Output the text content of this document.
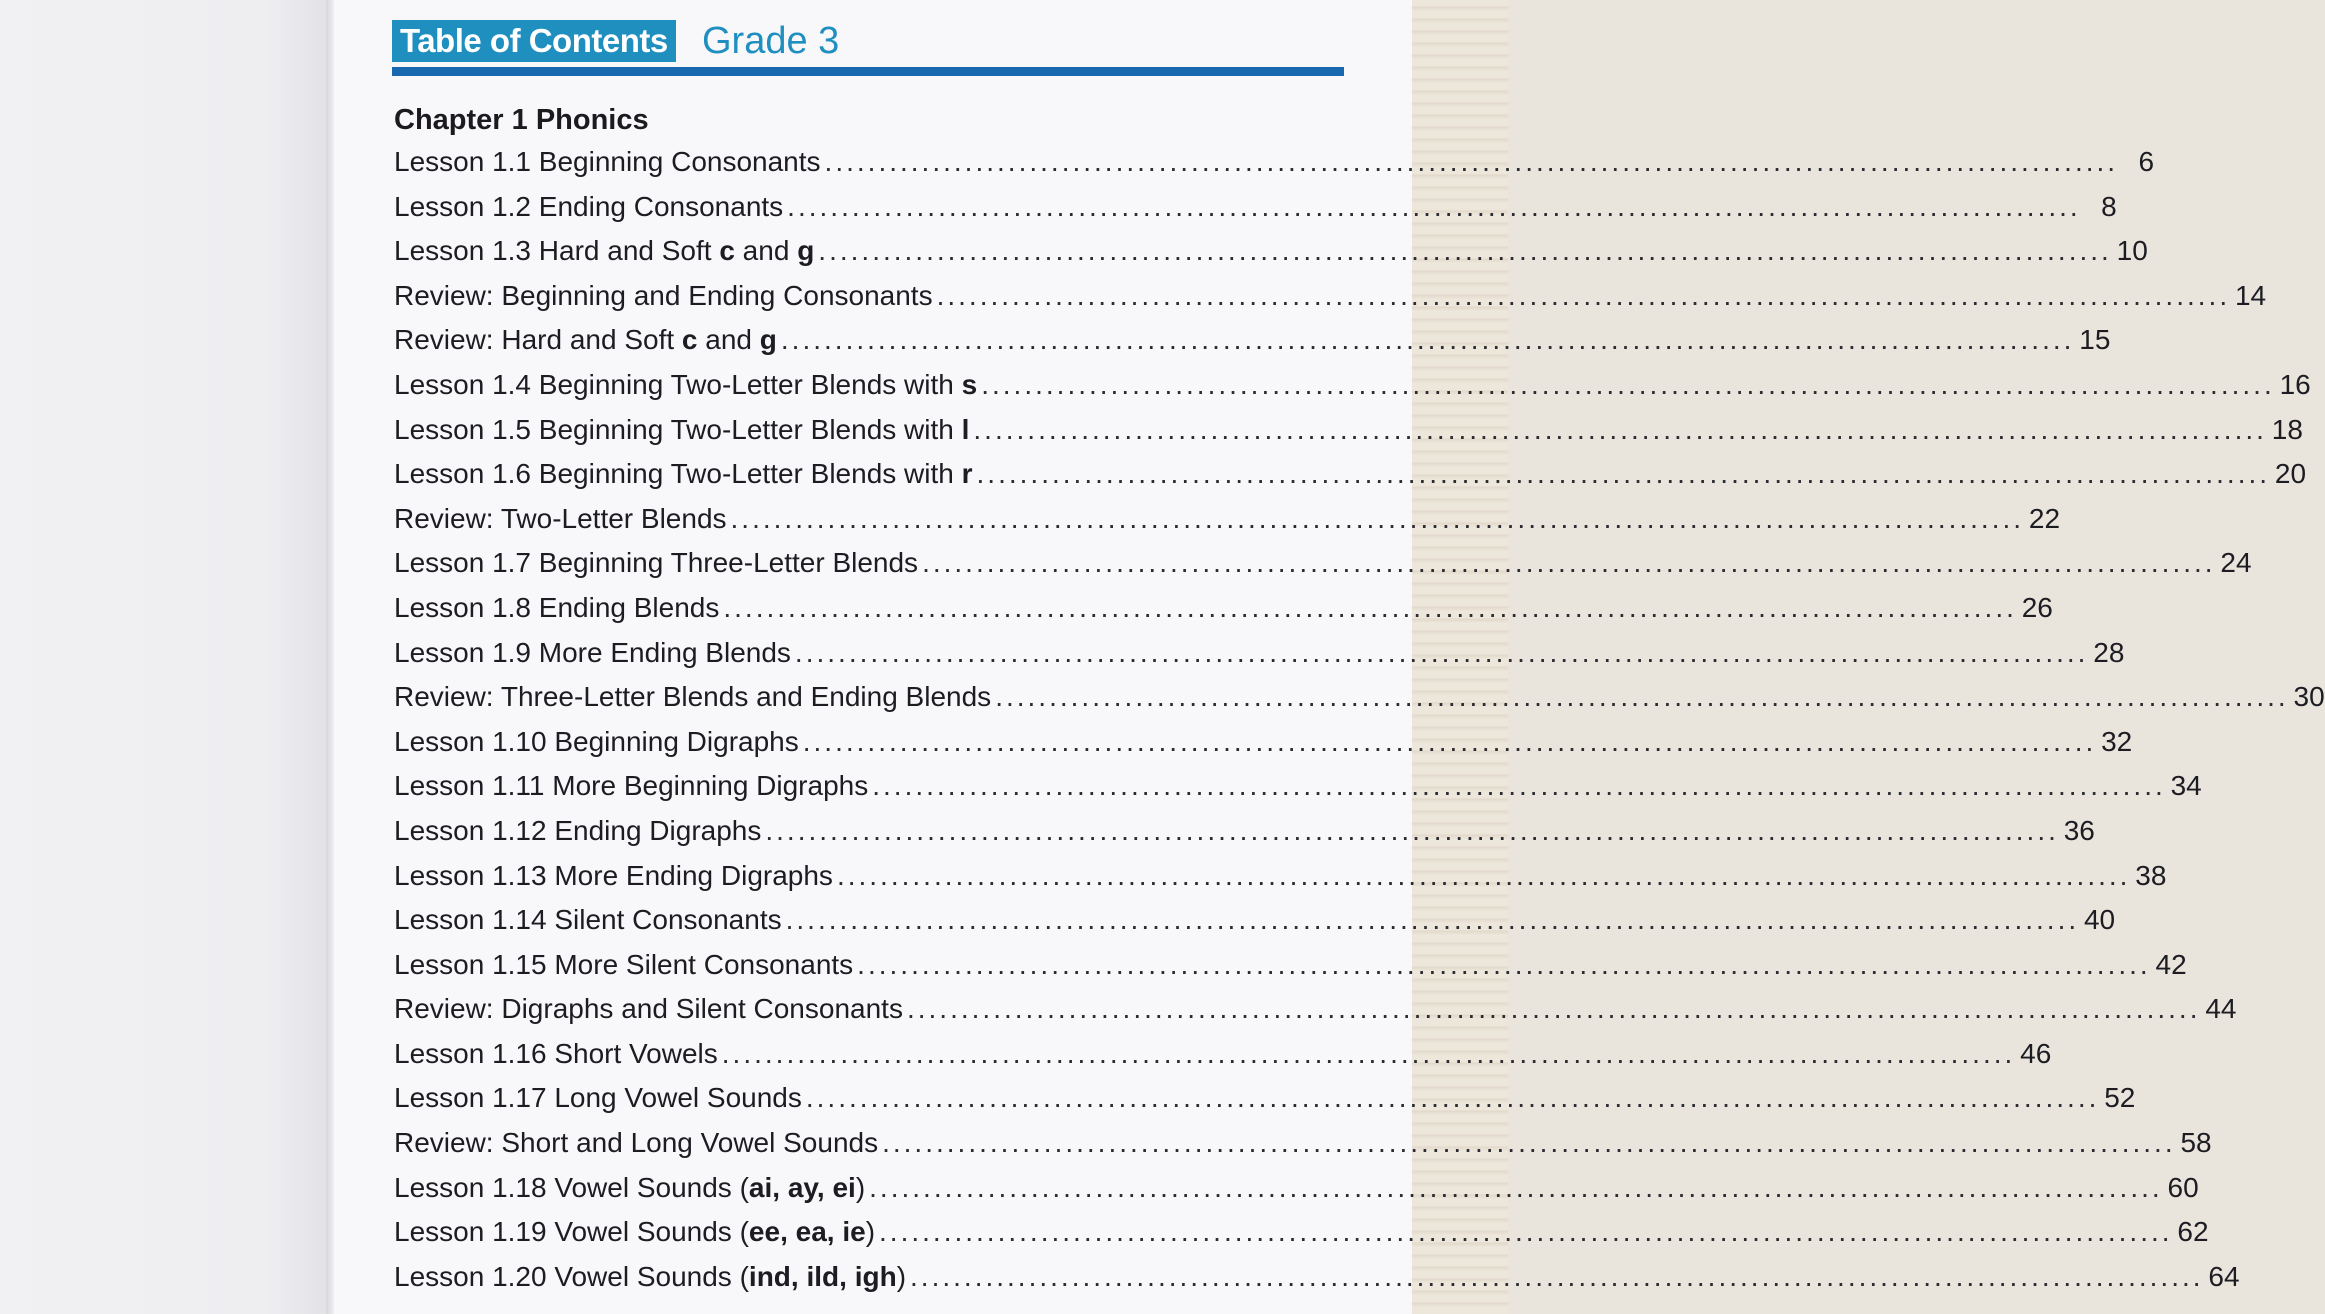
Table of Contents Grade 3
Chapter 1 Phonics
Lesson 1.1 Beginning Consonants ........................................................................................................................ 6
Lesson 1.2 Ending Consonants ........................................................................................................................ 8
Lesson 1.3 Hard and Soft c and g ........................................................................................................................ 10
Review: Beginning and Ending Consonants ........................................................................................................................ 14
Review: Hard and Soft c and g ........................................................................................................................ 15
Lesson 1.4 Beginning Two-Letter Blends with s ........................................................................................................................ 16
Lesson 1.5 Beginning Two-Letter Blends with l ........................................................................................................................ 18
Lesson 1.6 Beginning Two-Letter Blends with r ........................................................................................................................ 20
Review: Two-Letter Blends ........................................................................................................................ 22
Lesson 1.7 Beginning Three-Letter Blends ........................................................................................................................ 24
Lesson 1.8 Ending Blends ........................................................................................................................ 26
Lesson 1.9 More Ending Blends ........................................................................................................................ 28
Review: Three-Letter Blends and Ending Blends ........................................................................................................................ 30
Lesson 1.10 Beginning Digraphs ........................................................................................................................ 32
Lesson 1.11 More Beginning Digraphs ........................................................................................................................ 34
Lesson 1.12 Ending Digraphs ........................................................................................................................ 36
Lesson 1.13 More Ending Digraphs ........................................................................................................................ 38
Lesson 1.14 Silent Consonants ........................................................................................................................ 40
Lesson 1.15 More Silent Consonants ........................................................................................................................ 42
Review: Digraphs and Silent Consonants ........................................................................................................................ 44
Lesson 1.16 Short Vowels ........................................................................................................................ 46
Lesson 1.17 Long Vowel Sounds ........................................................................................................................ 52
Review: Short and Long Vowel Sounds ........................................................................................................................ 58
Lesson 1.18 Vowel Sounds (ai, ay, ei) ........................................................................................................................ 60
Lesson 1.19 Vowel Sounds (ee, ea, ie) ........................................................................................................................ 62
Lesson 1.20 Vowel Sounds (ind, ild, igh) ........................................................................................................................ 64
